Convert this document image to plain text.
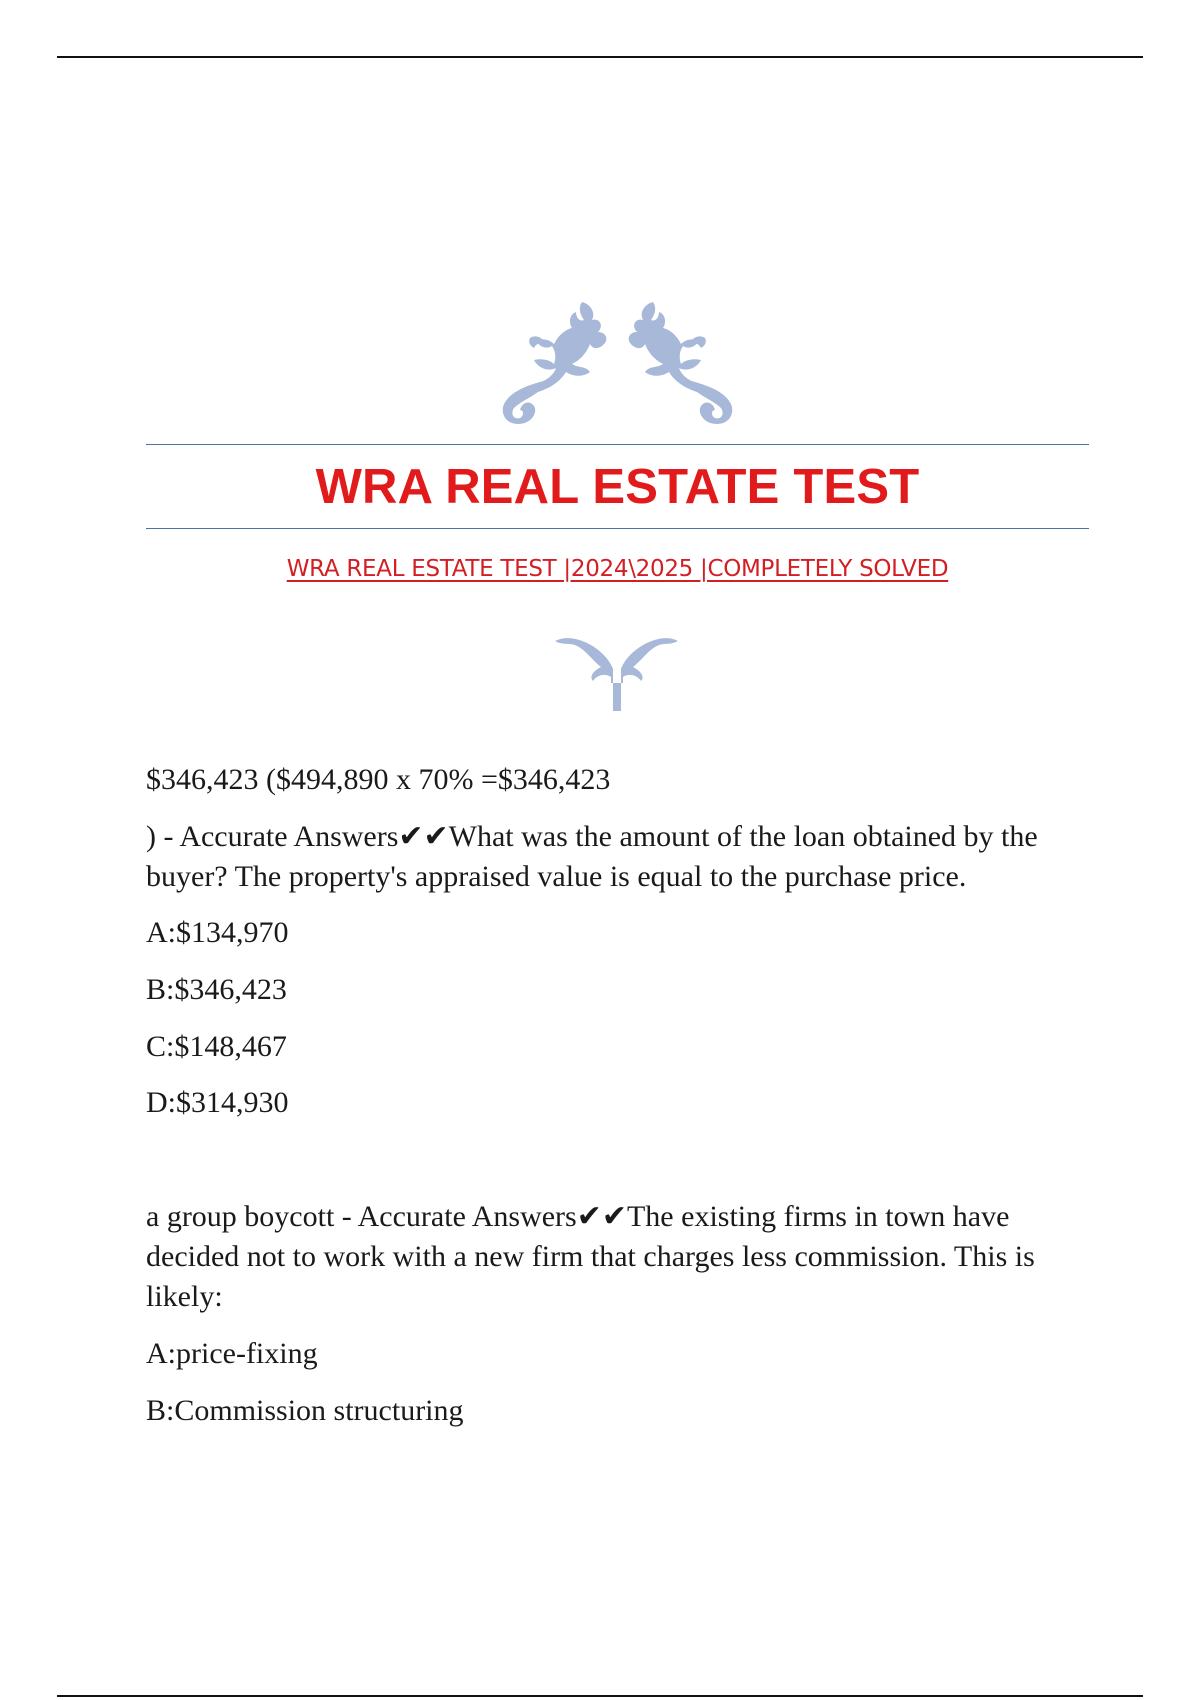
WRA REAL ESTATE TEST
WRA REAL ESTATE TEST |2024\2025 |COMPLETELY SOLVED

$346,423 ($494,890 x 70% =$346,423

) - Accurate Answers✔✔What was the amount of the loan obtained by the buyer? The property's appraised value is equal to the purchase price.

A:$134,970

B:$346,423

C:$148,467

D:$314,930

a group boycott - Accurate Answers✔✔The existing firms in town have decided not to work with a new firm that charges less commission. This is likely:

A:price-fixing

B:Commission structuring
